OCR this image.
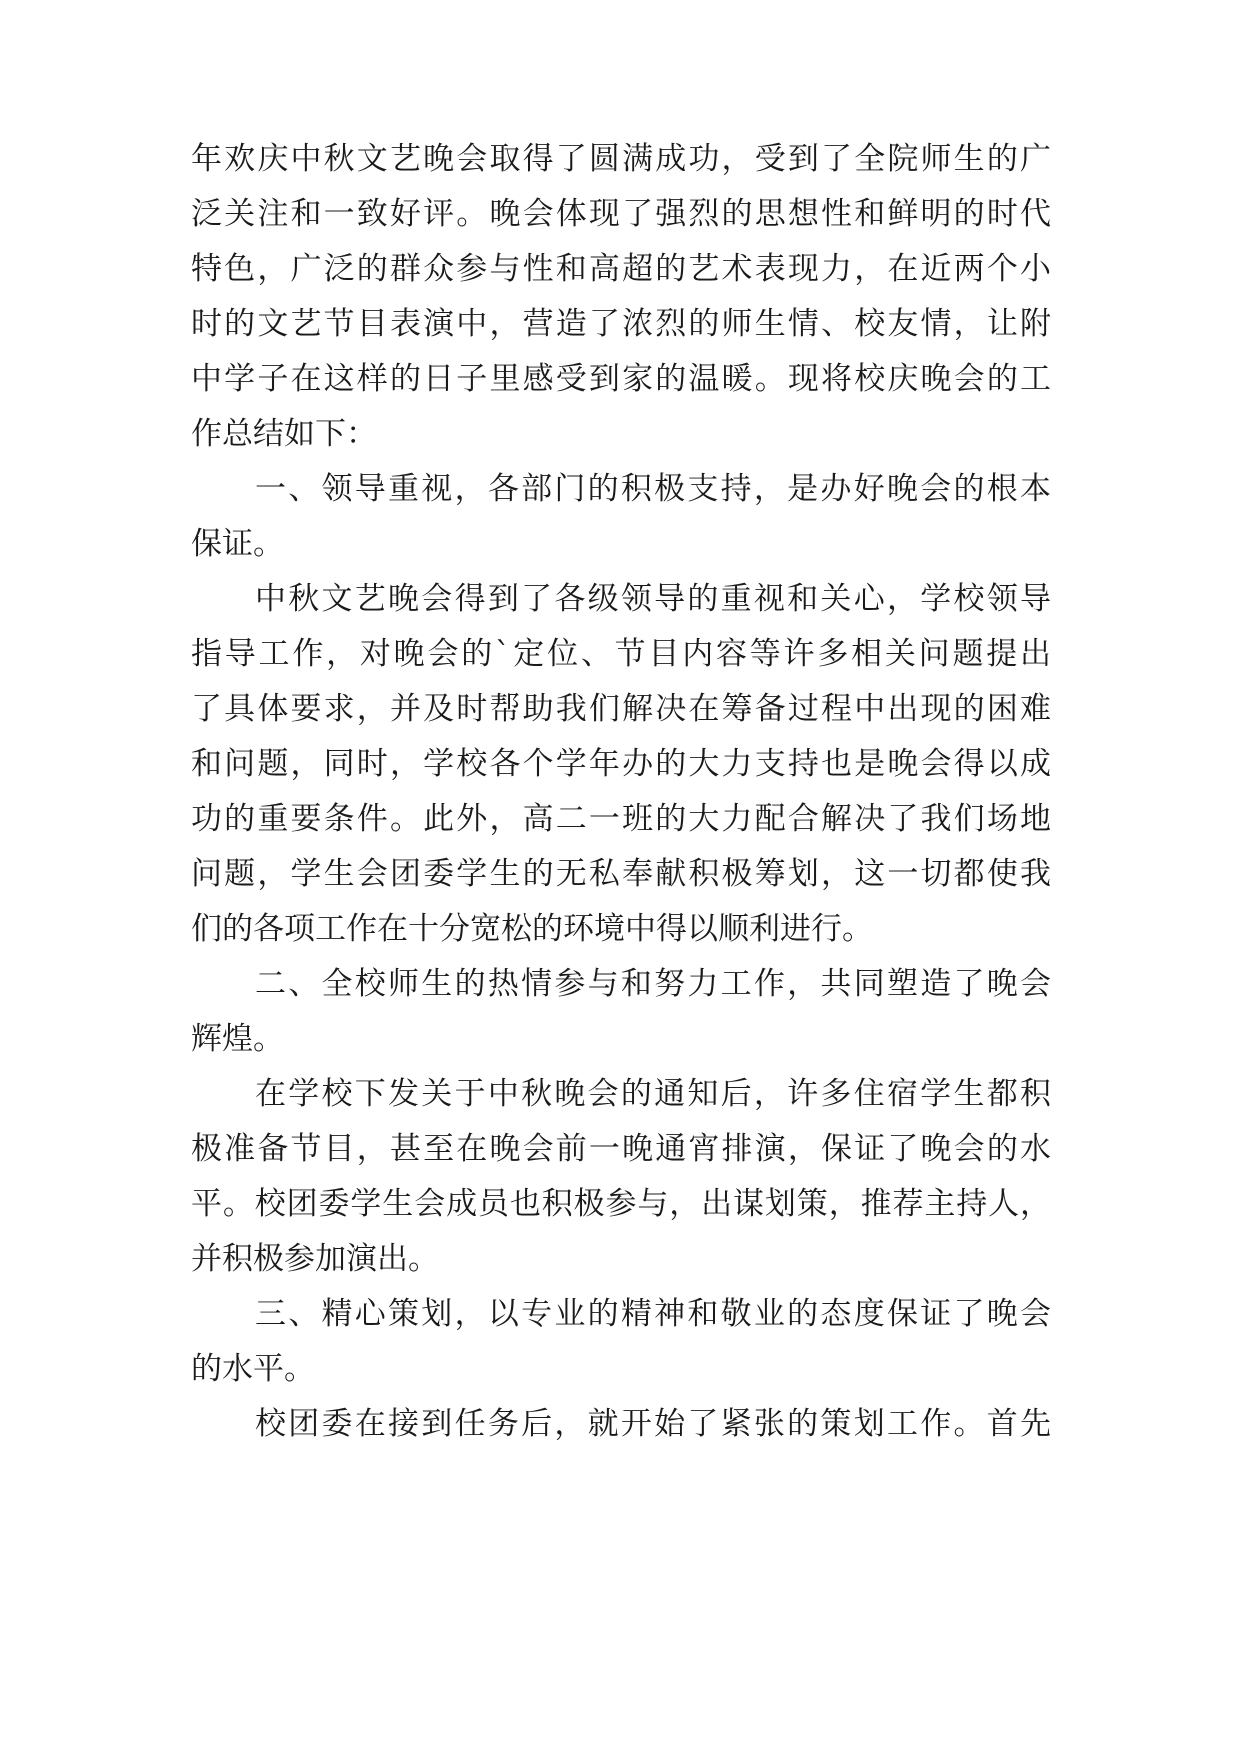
年欢庆中秋文艺晚会取得了圆满成功，受到了全院师生的广
泛关注和一致好评。晚会体现了强烈的思想性和鲜明的时代
特色，广泛的群众参与性和高超的艺术表现力，在近两个小
时的文艺节目表演中，营造了浓烈的师生情、校友情，让附
中学子在这样的日子里感受到家的温暖。现将校庆晚会的工
作总结如下：
一、领导重视，各部门的积极支持，是办好晚会的根本
保证。
中秋文艺晚会得到了各级领导的重视和关心，学校领导
指导工作，对晚会的`定位、节目内容等许多相关问题提出
了具体要求，并及时帮助我们解决在筹备过程中出现的困难
和问题，同时，学校各个学年办的大力支持也是晚会得以成
功的重要条件。此外，高二一班的大力配合解决了我们场地
问题，学生会团委学生的无私奉献积极筹划，这一切都使我
们的各项工作在十分宽松的环境中得以顺利进行。
二、全校师生的热情参与和努力工作，共同塑造了晚会
辉煌。
在学校下发关于中秋晚会的通知后，许多住宿学生都积
极准备节目，甚至在晚会前一晚通宵排演，保证了晚会的水
平。校团委学生会成员也积极参与，出谋划策，推荐主持人，
并积极参加演出。
三、精心策划，以专业的精神和敬业的态度保证了晚会
的水平。
校团委在接到任务后，就开始了紧张的策划工作。首先
